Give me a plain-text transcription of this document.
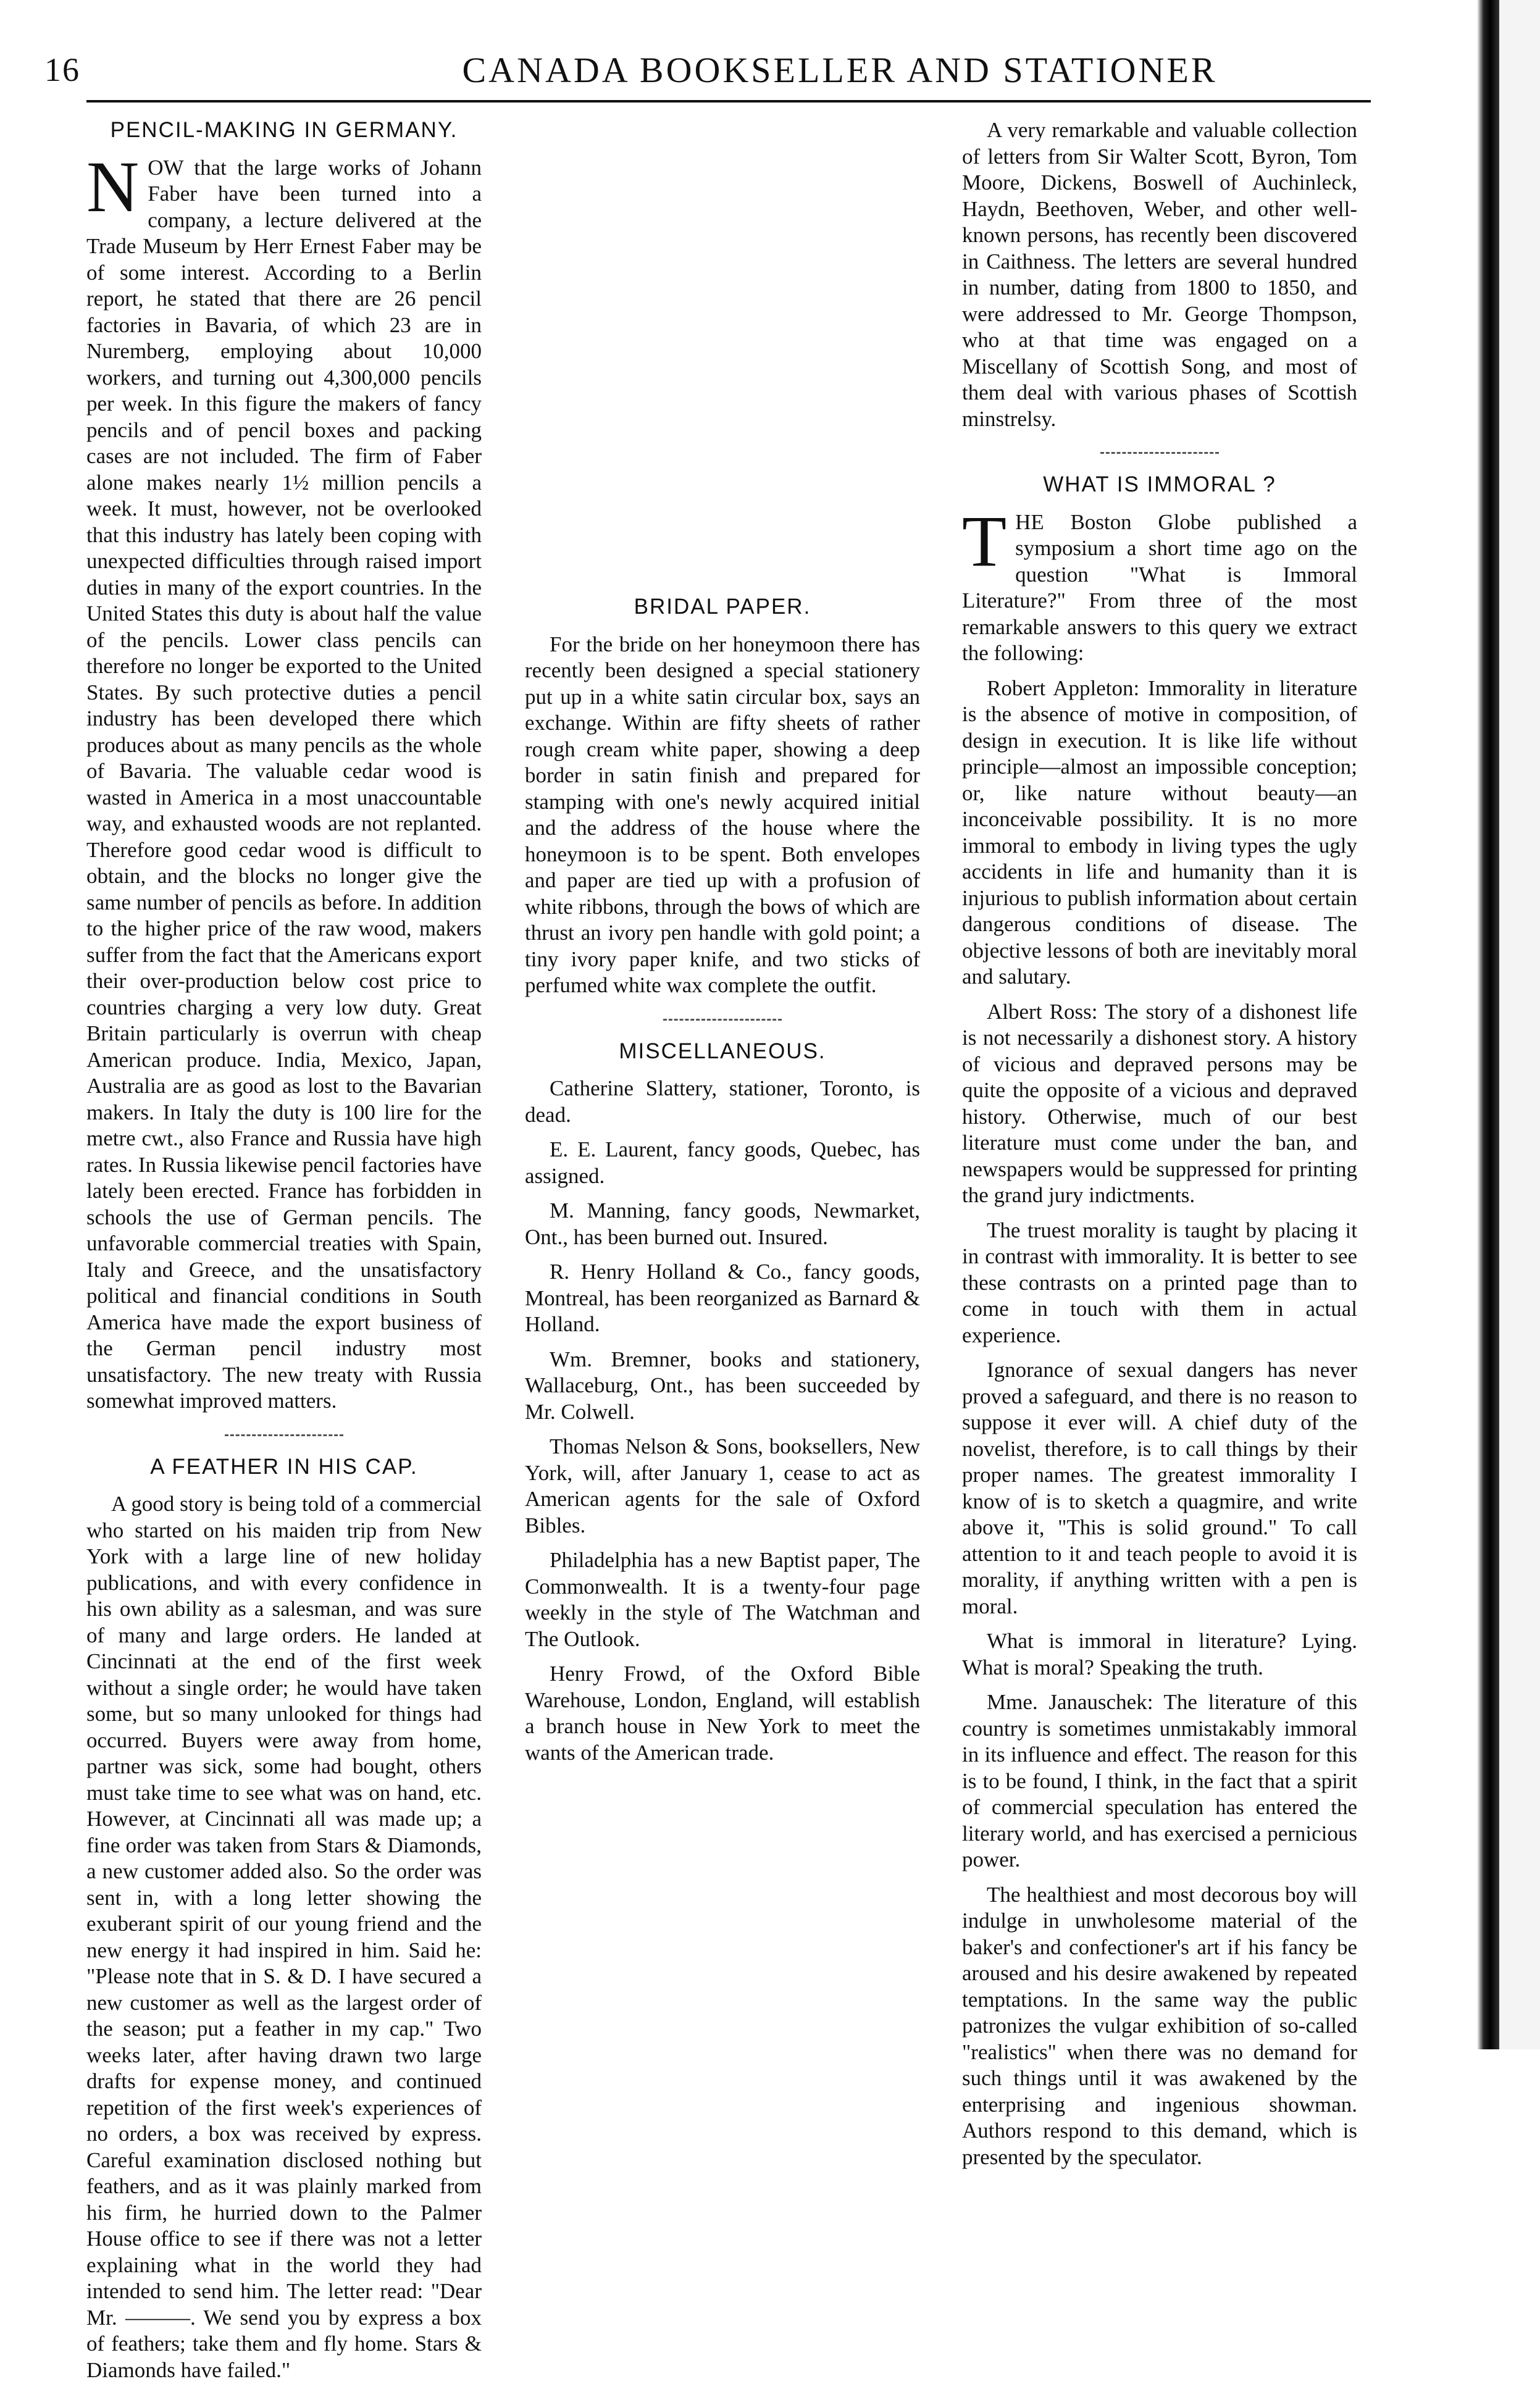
16	CANADA BOOKSELLER AND STATIONER
PENCIL-MAKING IN GERMANY.

NOW that the large works of Johann Faber have been turned into a company, a lecture delivered at the Trade Museum by Herr Ernest Faber may be of some interest. According to a Berlin report, he stated that there are 26 pencil factories in Bavaria, of which 23 are in Nuremberg, employing about 10,000 workers, and turning out 4,300,000 pencils per week. In this figure the makers of fancy pencils and of pencil boxes and packing cases are not included. The firm of Faber alone makes nearly 1½ million pencils a week. It must, however, not be overlooked that this industry has lately been coping with unexpected difficulties through raised import duties in many of the export countries. In the United States this duty is about half the value of the pencils. Lower class pencils can therefore no longer be exported to the United States. By such protective duties a pencil industry has been developed there which produces about as many pencils as the whole of Bavaria. The valuable cedar wood is wasted in America in a most unaccountable way, and exhausted woods are not replanted. Therefore good cedar wood is difficult to obtain, and the blocks no longer give the same number of pencils as before. In addition to the higher price of the raw wood, makers suffer from the fact that the Americans export their over-production below cost price to countries charging a very low duty. Great Britain particularly is overrun with cheap American produce. India, Mexico, Japan, Australia are as good as lost to the Bavarian makers. In Italy the duty is 100 lire for the metre cwt., also France and Russia have high rates. In Russia likewise pencil factories have lately been erected. France has forbidden in schools the use of German pencils. The unfavorable commercial treaties with Spain, Italy and Greece, and the unsatisfactory political and financial conditions in South America have made the export business of the German pencil industry most unsatisfactory. The new treaty with Russia somewhat improved matters.

A FEATHER IN HIS CAP.

A good story is being told of a commercial who started on his maiden trip from New York with a large line of new holiday publications, and with every confidence in his own ability as a salesman, and was sure of many and large orders. He landed at Cincinnati at the end of the first week without a single order; he would have taken some, but so many unlooked for things had occurred. Buyers were away from home, partner was sick, some had bought, others must take time to see what was on hand, etc. However, at Cincinnati all was made up; a fine order was taken from Stars & Diamonds, a new customer added also. So the order was sent in, with a long letter showing the exuberant spirit of our young friend and the new energy it had inspired in him. Said he: "Please note that in S. & D. I have secured a new customer as well as the largest order of the season; put a feather in my cap." Two weeks later, after having drawn two large drafts for expense money, and continued repetition of the first week's experiences of no orders, a box was received by express. Careful examination disclosed nothing but feathers, and as it was plainly marked from his firm, he hurried down to the Palmer House office to see if there was not a letter explaining what in the world they had intended to send him. The letter read: "Dear Mr. ———. We send you by express a box of feathers; take them and fly home. Stars & Diamonds have failed."

BRIDAL PAPER.

For the bride on her honeymoon there has recently been designed a special stationery put up in a white satin circular box, says an exchange. Within are fifty sheets of rather rough cream white paper, showing a deep border in satin finish and prepared for stamping with one's newly acquired initial and the address of the house where the honeymoon is to be spent. Both envelopes and paper are tied up with a profusion of white ribbons, through the bows of which are thrust an ivory pen handle with gold point; a tiny ivory paper knife, and two sticks of perfumed white wax complete the outfit.

MISCELLANEOUS.

Catherine Slattery, stationer, Toronto, is dead.

E. E. Laurent, fancy goods, Quebec, has assigned.

M. Manning, fancy goods, Newmarket, Ont., has been burned out. Insured.

R. Henry Holland & Co., fancy goods, Montreal, has been reorganized as Barnard & Holland.

Wm. Bremner, books and stationery, Wallaceburg, Ont., has been succeeded by Mr. Colwell.

Thomas Nelson & Sons, booksellers, New York, will, after January 1, cease to act as American agents for the sale of Oxford Bibles.

Philadelphia has a new Baptist paper, The Commonwealth. It is a twenty-four page weekly in the style of The Watchman and The Outlook.

Henry Frowd, of the Oxford Bible Warehouse, London, England, will establish a branch house in New York to meet the wants of the American trade.

A very remarkable and valuable collection of letters from Sir Walter Scott, Byron, Tom Moore, Dickens, Boswell of Auchinleck, Haydn, Beethoven, Weber, and other well-known persons, has recently been discovered in Caithness. The letters are several hundred in number, dating from 1800 to 1850, and were addressed to Mr. George Thompson, who at that time was engaged on a Miscellany of Scottish Song, and most of them deal with various phases of Scottish minstrelsy.

WHAT IS IMMORAL ?

THE Boston Globe published a symposium a short time ago on the question "What is Immoral Literature?" From three of the most remarkable answers to this query we extract the following:

Robert Appleton: Immorality in literature is the absence of motive in composition, of design in execution. It is like life without principle—almost an impossible conception; or, like nature without beauty—an inconceivable possibility. It is no more immoral to embody in living types the ugly accidents in life and humanity than it is injurious to publish information about certain dangerous conditions of disease. The objective lessons of both are inevitably moral and salutary.

Albert Ross: The story of a dishonest life is not necessarily a dishonest story. A history of vicious and depraved persons may be quite the opposite of a vicious and depraved history. Otherwise, much of our best literature must come under the ban, and newspapers would be suppressed for printing the grand jury indictments.

The truest morality is taught by placing it in contrast with immorality. It is better to see these contrasts on a printed page than to come in touch with them in actual experience.

Ignorance of sexual dangers has never proved a safeguard, and there is no reason to suppose it ever will. A chief duty of the novelist, therefore, is to call things by their proper names. The greatest immorality I know of is to sketch a quagmire, and write above it, "This is solid ground." To call attention to it and teach people to avoid it is morality, if anything written with a pen is moral.

What is immoral in literature? Lying. What is moral? Speaking the truth.

Mme. Janauschek: The literature of this country is sometimes unmistakably immoral in its influence and effect. The reason for this is to be found, I think, in the fact that a spirit of commercial speculation has entered the literary world, and has exercised a pernicious power.

The healthiest and most decorous boy will indulge in unwholesome material of the baker's and confectioner's art if his fancy be aroused and his desire awakened by repeated temptations. In the same way the public patronizes the vulgar exhibition of so-called "realistics" when there was no demand for such things until it was awakened by the enterprising and ingenious showman. Authors respond to this demand, which is presented by the speculator.
